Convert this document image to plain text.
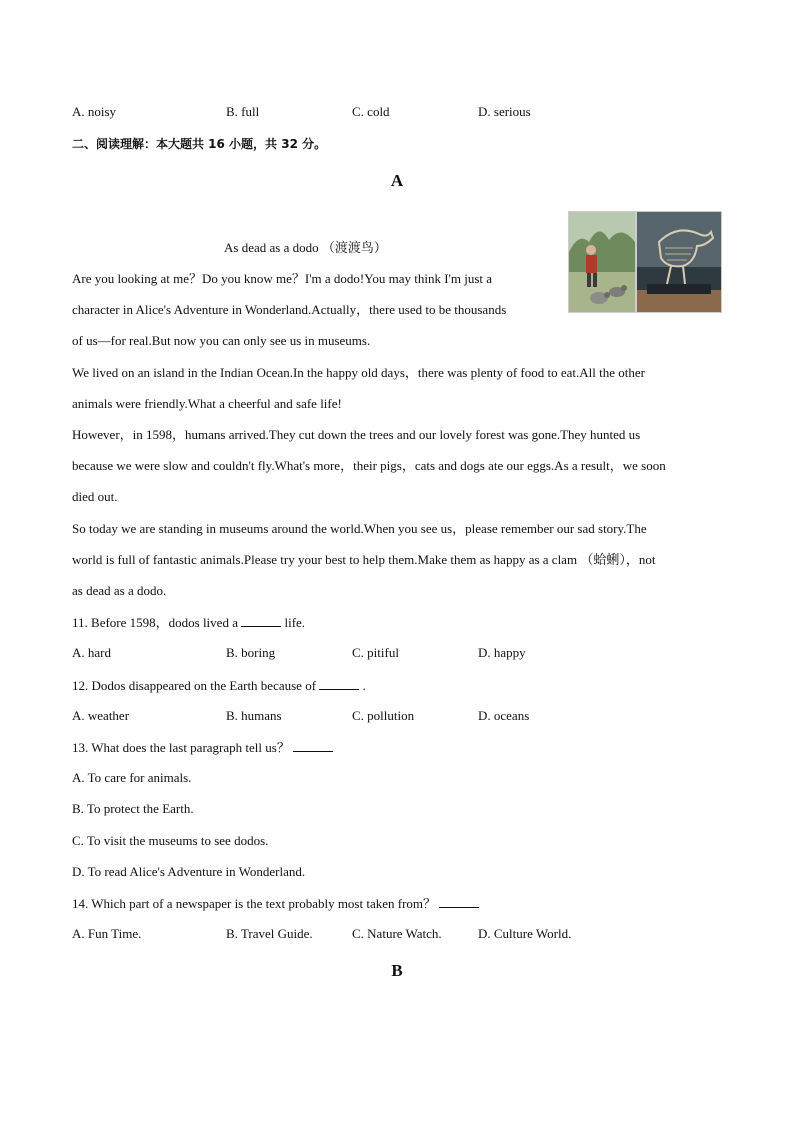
A. noisy	B. full	C. cold	D. serious
二、阅读理解：本大题共 16 小题，共 32 分。
A
As dead as a dodo （渡渡鸟）
Are you looking at me？Do you know me？I'm a dodo!You may think I'm just a
character in Alice's Adventure in Wonderland.Actually，there used to be thousands
of us—for real.But now you can only see us in museums.
We lived on an island in the Indian Ocean.In the happy old days，there was plenty of food to eat.All the other
animals were friendly.What a cheerful and safe life!
However，in 1598，humans arrived.They cut down the trees and our lovely forest was gone.They hunted us
because we were slow and couldn't fly.What's more，their pigs，cats and dogs ate our eggs.As a result，we soon
died out.
So today we are standing in museums around the world.When you see us，please remember our sad story.The
world is full of fantastic animals.Please try your best to help them.Make them as happy as a clam （蛤蜊），not
as dead as a dodo.
11. Before 1598，dodos lived a	life.
A. hard	B. boring	C. pitiful	D. happy
12. Dodos disappeared on the Earth because of	.
A. weather	B. humans	C. pollution	D. oceans
13. What does the last paragraph tell us？
A. To care for animals.
B. To protect the Earth.
C. To visit the museums to see dodos.
D. To read Alice's Adventure in Wonderland.
14. Which part of a newspaper is the text probably most taken from？
A. Fun Time.	B. Travel Guide.	C. Nature Watch.	D. Culture World.
B
